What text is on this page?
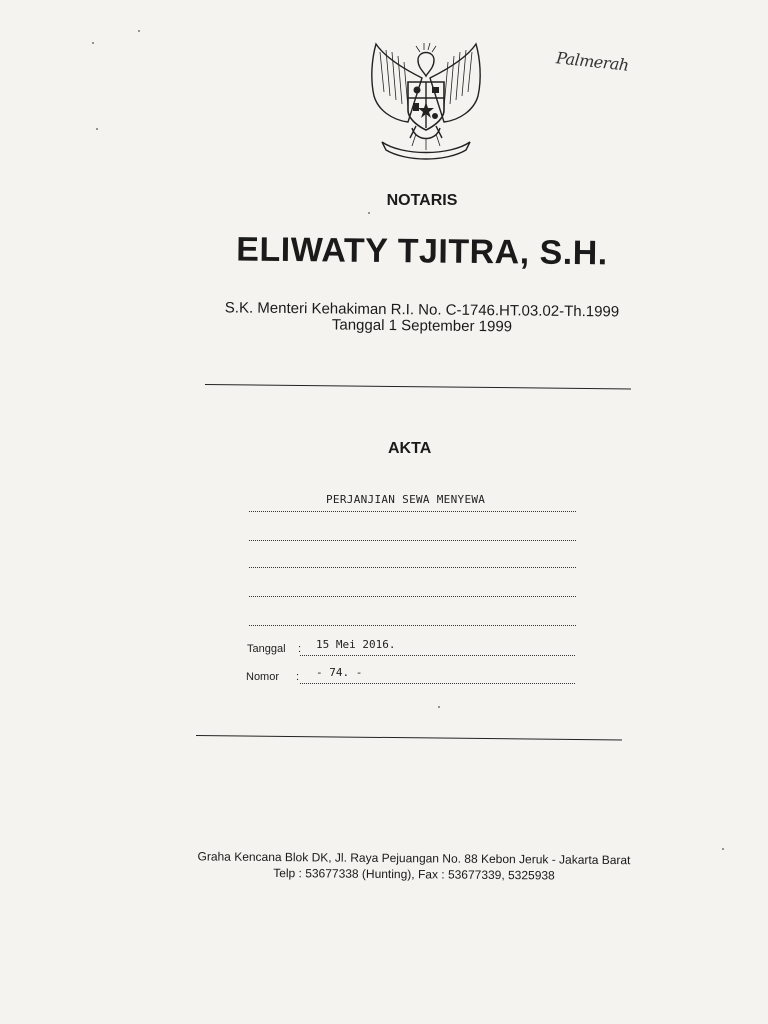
Palmerah
NOTARIS
ELIWATY TJITRA, S.H.
S.K. Menteri Kehakiman R.I. No. C-1746.HT.03.02-Th.1999
Tanggal 1 September 1999
AKTA
PERJANJIAN SEWA MENYEWA
Tanggal : 15 Mei 2016.
Nomor : - 74. -
Graha Kencana Blok DK, Jl. Raya Pejuangan No. 88 Kebon Jeruk - Jakarta Barat
Telp : 53677338 (Hunting), Fax : 53677339, 5325938
